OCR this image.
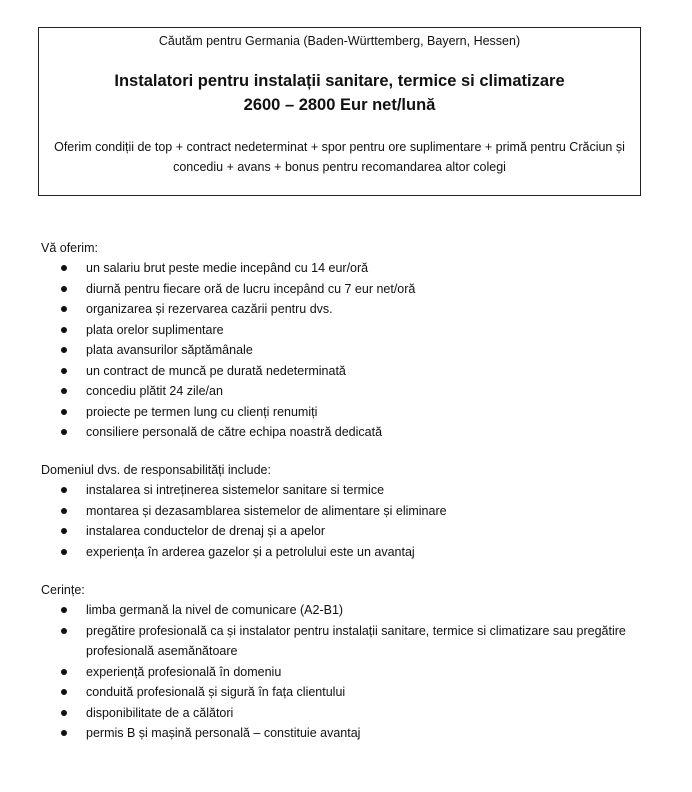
Căutăm pentru Germania (Baden-Württemberg, Bayern, Hessen)
Instalatori pentru instalații sanitare, termice si climatizare
2600 – 2800 Eur net/lună
Oferim condiții de top + contract nedeterminat + spor pentru ore suplimentare + primă pentru Crăciun și concediu + avans + bonus pentru recomandarea altor colegi
Vă oferim:
un salariu brut peste medie incepând cu 14 eur/oră
diurnă pentru fiecare oră de lucru incepând cu 7 eur net/oră
organizarea și rezervarea cazării pentru dvs.
plata orelor suplimentare
plata avansurilor săptămânale
un contract de muncă pe durată nedeterminată
concediu plătit 24 zile/an
proiecte pe termen lung cu clienți renumiți
consiliere personală de către echipa noastră dedicată
Domeniul dvs. de responsabilități include:
instalarea si intreținerea sistemelor sanitare si termice
montarea și dezasamblarea sistemelor de alimentare și eliminare
instalarea conductelor de drenaj și a apelor
experiența în arderea gazelor și a petrolului este un avantaj
Cerințe:
limba germană la nivel de comunicare (A2-B1)
pregătire profesională ca și instalator pentru instalații sanitare, termice si climatizare sau pregătire profesională asemănătoare
experiență profesională în domeniu
conduită profesională și sigură în fața clientului
disponibilitate de a călători
permis B și mașină personală – constituie avantaj
